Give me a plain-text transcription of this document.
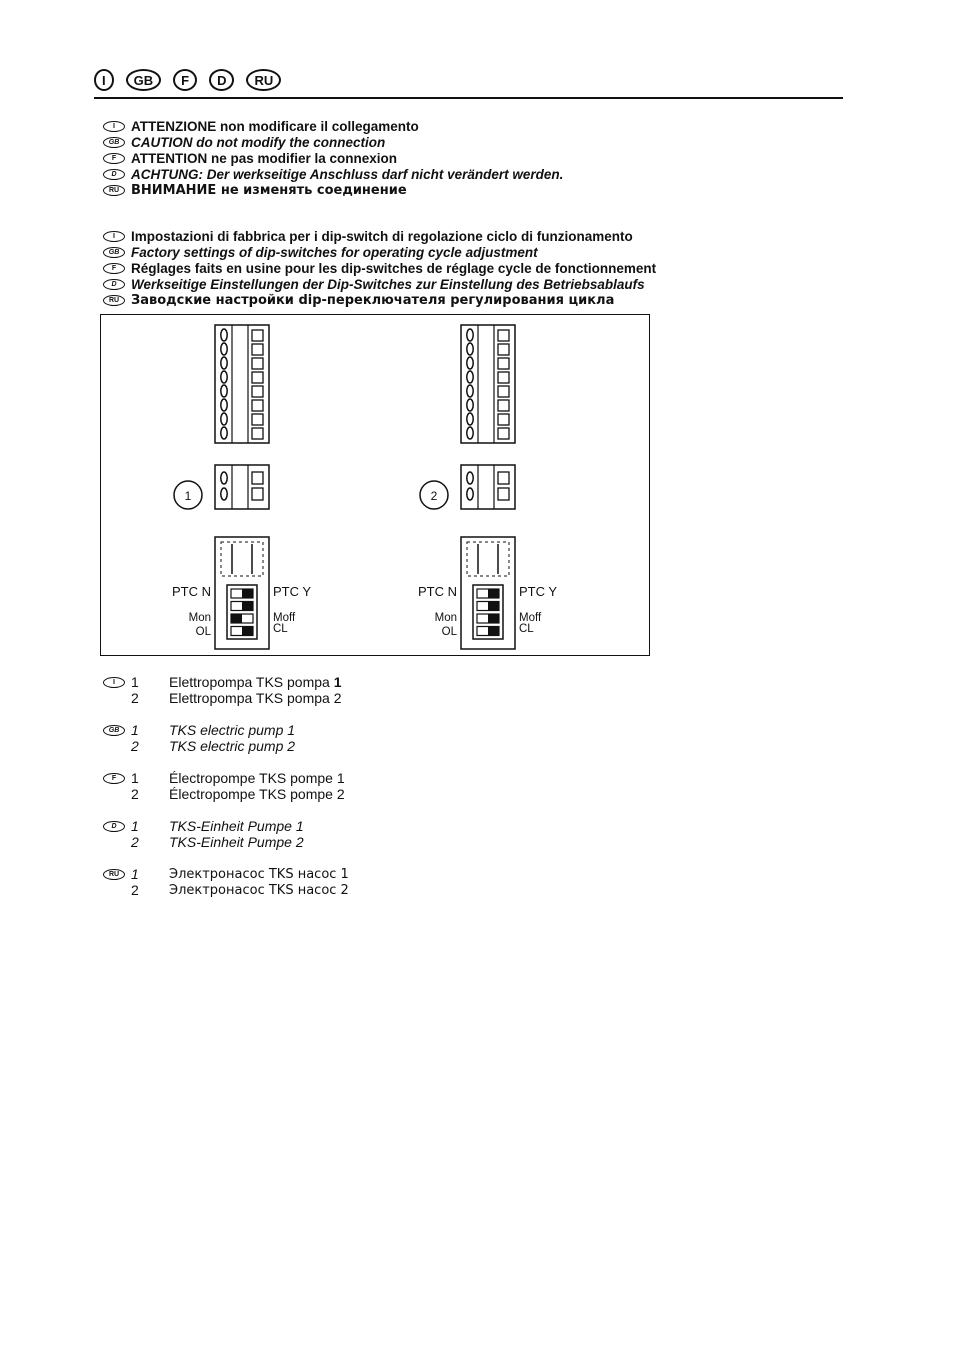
I	GB	F	D	RU
I	ATTENZIONE non modificare il collegamento
GB CAUTION do not modify the connection
F	ATTENTION ne pas modifier la connexion
D	ACHTUNG: Der werkseitige Anschluss darf nicht verändert werden.
RU ВНИМАНИЕ не изменять соединение
I	Impostazioni di fabbrica per i dip-switch di regolazione ciclo di funzionamento
GB Factory settings of dip-switches for operating cycle adjustment
F	Réglages faits en usine pour les dip-switches de réglage cycle de fonctionnement
D	Werkseitige Einstellungen der Dip-Switches zur Einstellung des Betriebsablaufs
RU Заводские настройки dip-переключателя регулирования цикла
1
PTC N
Mon
OL
PTC Y
Moff
CL
2
PTC N
Mon
OL
PTC Y
Moff
CL
I	1	Elettropompa TKS pompa 1
2	Elettropompa TKS pompa 2
GB 1	TKS electric pump 1
2	TKS electric pump 2
F	1	Électropompe TKS pompe 1
2	Électropompe TKS pompe 2
D	1	TKS-Einheit Pumpe 1
2	TKS-Einheit Pumpe 2
RU 1	Электронасос TKS насос 1
2	Электронасос TKS насос 2
